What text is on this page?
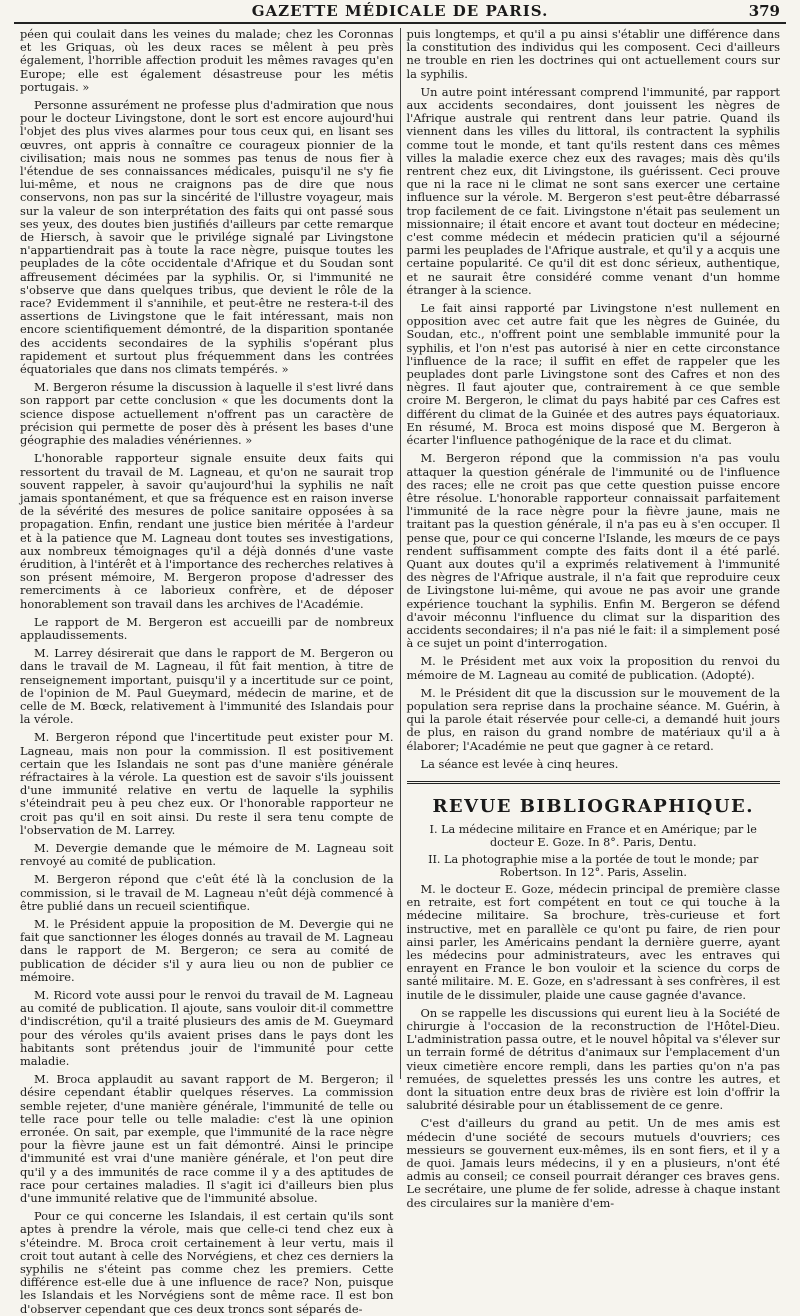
GAZETTE MÉDICALE DE PARIS.	379

péen qui coulait dans les veines du malade; chez les Coronnas et les Griquas, où les deux races se mêlent à peu près également, l'horrible affection produit les mêmes ravages qu'en Europe; elle est également désastreuse pour les métis portugais. »

Personne assurément ne professe plus d'admiration que nous pour le docteur Livingstone, dont le sort est encore aujourd'hui l'objet des plus vives alarmes pour tous ceux qui, en lisant ses œuvres, ont appris à connaître ce courageux pionnier de la civilisation; mais nous ne sommes pas tenus de nous fier à l'étendue de ses connaissances médicales, puisqu'il ne s'y fie lui-même, et nous ne craignons pas de dire que nous conservons, non pas sur la sincérité de l'illustre voyageur, mais sur la valeur de son interprétation des faits qui ont passé sous ses yeux, des doutes bien justifiés d'ailleurs par cette remarque de Hiersch, à savoir que le privilége signalé par Livingstone n'appartiendrait pas à toute la race nègre, puisque toutes les peuplades de la côte occidentale d'Afrique et du Soudan sont affreusement décimées par la syphilis. Or, si l'immunité ne s'observe que dans quelques tribus, que devient le rôle de la race? Evidemment il s'annihile, et peut-être ne restera-t-il des assertions de Livingstone que le fait intéressant, mais non encore scientifiquement démontré, de la disparition spontanée des accidents secondaires de la syphilis s'opérant plus rapidement et surtout plus fréquemment dans les contrées équatoriales que dans nos climats tempérés. »

M. Bergeron résume la discussion à laquelle il s'est livré dans son rapport par cette conclusion « que les documents dont la science dispose actuellement n'offrent pas un caractère de précision qui permette de poser dès à présent les bases d'une géographie des maladies vénériennes. »

L'honorable rapporteur signale ensuite deux faits qui ressortent du travail de M. Lagneau, et qu'on ne saurait trop souvent rappeler, à savoir qu'aujourd'hui la syphilis ne naît jamais spontanément, et que sa fréquence est en raison inverse de la sévérité des mesures de police sanitaire opposées à sa propagation. Enfin, rendant une justice bien méritée à l'ardeur et à la patience que M. Lagneau dont toutes ses investigations, aux nombreux témoignages qu'il a déjà donnés d'une vaste érudition, à l'intérêt et à l'importance des recherches relatives à son présent mémoire, M. Bergeron propose d'adresser des remerciments à ce laborieux confrère, et de déposer honorablement son travail dans les archives de l'Académie.

Le rapport de M. Bergeron est accueilli par de nombreux applaudissements.

M. Larrey désirerait que dans le rapport de M. Bergeron ou dans le travail de M. Lagneau, il fût fait mention, à titre de renseignement important, puisqu'il y a incertitude sur ce point, de l'opinion de M. Paul Gueymard, médecin de marine, et de celle de M. Bœck, relativement à l'immunité des Islandais pour la vérole.

M. Bergeron répond que l'incertitude peut exister pour M. Lagneau, mais non pour la commission. Il est positivement certain que les Islandais ne sont pas d'une manière générale réfractaires à la vérole. La question est de savoir s'ils jouissent d'une immunité relative en vertu de laquelle la syphilis s'éteindrait peu à peu chez eux. Or l'honorable rapporteur ne croit pas qu'il en soit ainsi. Du reste il sera tenu compte de l'observation de M. Larrey.

M. Devergie demande que le mémoire de M. Lagneau soit renvoyé au comité de publication.

M. Bergeron répond que c'eût été là la conclusion de la commission, si le travail de M. Lagneau n'eût déjà commencé à être publié dans un recueil scientifique.

M. le Président appuie la proposition de M. Devergie qui ne fait que sanctionner les éloges donnés au travail de M. Lagneau dans le rapport de M. Bergeron; ce sera au comité de publication de décider s'il y aura lieu ou non de publier ce mémoire.

M. Ricord vote aussi pour le renvoi du travail de M. Lagneau au comité de publication. Il ajoute, sans vouloir dit-il commettre d'indiscrétion, qu'il a traité plusieurs des amis de M. Gueymard pour des véroles qu'ils avaient prises dans le pays dont les habitants sont prétendus jouir de l'immunité pour cette maladie.

M. Broca applaudit au savant rapport de M. Bergeron; il désire cependant établir quelques réserves. La commission semble rejeter, d'une manière générale, l'immunité de telle ou telle race pour telle ou telle maladie: c'est là une opinion erronée. On sait, par exemple, que l'immunité de la race nègre pour la fièvre jaune est un fait démontré. Ainsi le principe d'immunité est vrai d'une manière générale, et l'on peut dire qu'il y a des immunités de race comme il y a des aptitudes de race pour certaines maladies. Il s'agit ici d'ailleurs bien plus d'une immunité relative que de l'immunité absolue.

Pour ce qui concerne les Islandais, il est certain qu'ils sont aptes à prendre la vérole, mais que celle-ci tend chez eux à s'éteindre. M. Broca croit certainement à leur vertu, mais il croit tout autant à celle des Norvégiens, et chez ces derniers la syphilis ne s'éteint pas comme chez les premiers. Cette différence est-elle due à une influence de race? Non, puisque les Islandais et les Norvégiens sont de même race. Il est bon d'observer cependant que ces deux troncs sont séparés de-

puis longtemps, et qu'il a pu ainsi s'établir une différence dans la constitution des individus qui les composent. Ceci d'ailleurs ne trouble en rien les doctrines qui ont actuellement cours sur la syphilis.

Un autre point intéressant comprend l'immunité, par rapport aux accidents secondaires, dont jouissent les nègres de l'Afrique australe qui rentrent dans leur patrie. Quand ils viennent dans les villes du littoral, ils contractent la syphilis comme tout le monde, et tant qu'ils restent dans ces mêmes villes la maladie exerce chez eux des ravages; mais dès qu'ils rentrent chez eux, dit Livingstone, ils guérissent. Ceci prouve que ni la race ni le climat ne sont sans exercer une certaine influence sur la vérole. M. Bergeron s'est peut-être débarrassé trop facilement de ce fait. Livingstone n'était pas seulement un missionnaire; il était encore et avant tout docteur en médecine; c'est comme médecin et médecin praticien qu'il a séjourné parmi les peuplades de l'Afrique australe, et qu'il y a acquis une certaine popularité. Ce qu'il dit est donc sérieux, authentique, et ne saurait être considéré comme venant d'un homme étranger à la science.

Le fait ainsi rapporté par Livingstone n'est nullement en opposition avec cet autre fait que les nègres de Guinée, du Soudan, etc., n'offrent point une semblable immunité pour la syphilis, et l'on n'est pas autorisé à nier en cette circonstance l'influence de la race; il suffit en effet de rappeler que les peuplades dont parle Livingstone sont des Cafres et non des nègres. Il faut ajouter que, contrairement à ce que semble croire M. Bergeron, le climat du pays habité par ces Cafres est différent du climat de la Guinée et des autres pays équatoriaux. En résumé, M. Broca est moins disposé que M. Bergeron à écarter l'influence pathogénique de la race et du climat.

M. Bergeron répond que la commission n'a pas voulu attaquer la question générale de l'immunité ou de l'influence des races; elle ne croit pas que cette question puisse encore être résolue. L'honorable rapporteur connaissait parfaitement l'immunité de la race nègre pour la fièvre jaune, mais ne traitant pas la question générale, il n'a pas eu à s'en occuper. Il pense que, pour ce qui concerne l'Islande, les mœurs de ce pays rendent suffisamment compte des faits dont il a été parlé. Quant aux doutes qu'il a exprimés relativement à l'immunité des nègres de l'Afrique australe, il n'a fait que reproduire ceux de Livingstone lui-même, qui avoue ne pas avoir une grande expérience touchant la syphilis. Enfin M. Bergeron se défend d'avoir méconnu l'influence du climat sur la disparition des accidents secondaires; il n'a pas nié le fait: il a simplement posé à ce sujet un point d'interrogation.

M. le Président met aux voix la proposition du renvoi du mémoire de M. Lagneau au comité de publication. (Adopté).

M. le Président dit que la discussion sur le mouvement de la population sera reprise dans la prochaine séance. M. Guérin, à qui la parole était réservée pour celle-ci, a demandé huit jours de plus, en raison du grand nombre de matériaux qu'il a à élaborer; l'Académie ne peut que gagner à ce retard.

La séance est levée à cinq heures.

REVUE BIBLIOGRAPHIQUE.
I. La médecine militaire en France et en Amérique; par le docteur E. Goze. In 8°. Paris, Dentu.
II. La photographie mise a la portée de tout le monde; par Robertson. In 12°. Paris, Asselin.

M. le docteur E. Goze, médecin principal de première classe en retraite, est fort compétent en tout ce qui touche à la médecine militaire. Sa brochure, très-curieuse et fort instructive, met en parallèle ce qu'ont pu faire, de rien pour ainsi parler, les Américains pendant la dernière guerre, ayant les médecins pour administrateurs, avec les entraves qui enrayent en France le bon vouloir et la science du corps de santé militaire. M. E. Goze, en s'adressant à ses confrères, il est inutile de le dissimuler, plaide une cause gagnée d'avance.

On se rappelle les discussions qui eurent lieu à la Société de chirurgie à l'occasion de la reconstruction de l'Hôtel-Dieu. L'administration passa outre, et le nouvel hôpital va s'élever sur un terrain formé de détritus d'animaux sur l'emplacement d'un vieux cimetière encore rempli, dans les parties qu'on n'a pas remuées, de squelettes pressés les uns contre les autres, et dont la situation entre deux bras de rivière est loin d'offrir la salubrité désirable pour un établissement de ce genre.

C'est d'ailleurs du grand au petit. Un de mes amis est médecin d'une société de secours mutuels d'ouvriers; ces messieurs se gouvernent eux-mêmes, ils en sont fiers, et il y a de quoi. Jamais leurs médecins, il y en a plusieurs, n'ont été admis au conseil; ce conseil pourrait déranger ces braves gens. Le secrétaire, une plume de fer solide, adresse à chaque instant des circulaires sur la manière d'em-
